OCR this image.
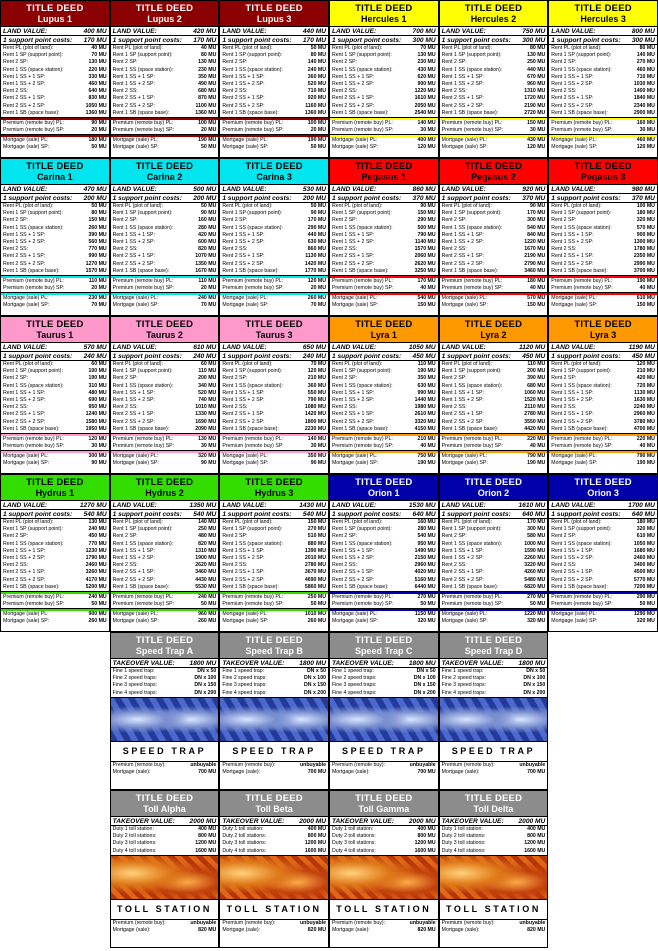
TITLE DEED
Lupus 1
LAND VALUE:	400 MU
1 support point costs: 170 MU
Rent PL (plot of land):	40 MU
Rent 1 SP (support point):	70 MU
Rent 2 SP:	130 MU
Rent 1 SS (space station):	220 MU
Rent 1 SS + 1 SP:	330 MU
Rent 1 SS + 2 SP:	460 MU
Rent 2 SS:	640 MU
Rent 2 SS + 1 SP:	830 MU
Rent 2 SS + 2 SP:	1050 MU
Rent 1 SB (space base):	1360 MU
Premium (remote buy) PL:	90 MU
Premium (remote buy) SP:	20 MU
Mortgage (sale) PL:	180 MU
Mortgage (sale) SP:	50 MU
TITLE DEED
Lupus 2
LAND VALUE:	420 MU
1 support point costs: 170 MU
Rent PL (plot of land):	40 MU
Rent 1 SP (support point):	80 MU
Rent 2 SP:	130 MU
Rent 1 SS (space station):	230 MU
Rent 1 SS + 1 SP:	350 MU
Rent 1 SS + 2 SP:	490 MU
Rent 2 SS:	680 MU
Rent 2 SS + 1 SP:	870 MU
Rent 2 SS + 2 SP:	1100 MU
Rent 1 SB (space base):	1360 MU
Premium (remote buy) PL:	100 MU
Premium (remote buy) SP:	20 MU
Mortgage (sale) PL:	190 MU
Mortgage (sale) SP:	50 MU
TITLE DEED
Lupus 3
LAND VALUE:	440 MU
1 support point costs: 170 MU
Rent PL (plot of land):	50 MU
Rent 1 SP (support point):	80 MU
Rent 2 SP:	140 MU
Rent 1 SS (space station):	240 MU
Rent 1 SS + 1 SP:	360 MU
Rent 1 SS + 2 SP:	520 MU
Rent 2 SS:	710 MU
Rent 2 SS + 1 SP:	920 MU
Rent 2 SS + 2 SP:	1160 MU
Rent 1 SB (space base):	1360 MU
Premium (remote buy) PL:	100 MU
Premium (remote buy) SP:	20 MU
Mortgage (sale) PL:	190 MU
Mortgage (sale) SP:	50 MU
TITLE DEED
Hercules 1
LAND VALUE:	700 MU
1 support point costs: 300 MU
Rent PL (plot of land):	70 MU
Rent 1 SP (support point):	130 MU
Rent 2 SP:	230 MU
Rent 1 SS (space station):	430 MU
Rent 1 SS + 1 SP:	620 MU
Rent 1 SS + 2 SP:	900 MU
Rent 2 SS:	1220 MU
Rent 2 SS + 1 SP:	1610 MU
Rent 2 SS + 2 SP:	2050 MU
Rent 1 SB (space base):	2540 MU
Premium (remote buy) PL:	140 MU
Premium (remote buy) SP:	30 MU
Mortgage (sale) PL:	400 MU
Mortgage (sale) SP:	120 MU
TITLE DEED
Hercules 2
LAND VALUE:	750 MU
1 support point costs: 300 MU
Rent PL (plot of land):	80 MU
Rent 1 SP (support point):	130 MU
Rent 2 SP:	250 MU
Rent 1 SS (space station):	440 MU
Rent 1 SS + 1 SP:	670 MU
Rent 1 SS + 2 SP:	960 MU
Rent 2 SS:	1310 MU
Rent 2 SS + 1 SP:	1720 MU
Rent 2 SS + 2 SP:	2190 MU
Rent 1 SB (space base):	2720 MU
Premium (remote buy) PL:	150 MU
Premium (remote buy) SP:	30 MU
Mortgage (sale) PL:	430 MU
Mortgage (sale) SP:	120 MU
TITLE DEED
Hercules 3
LAND VALUE:	800 MU
1 support point costs: 300 MU
Rent PL (plot of land):	80 MU
Rent 1 SP (support point):	140 MU
Rent 2 SP:	270 MU
Rent 1 SS (space station):	460 MU
Rent 1 SS + 1 SP:	710 MU
Rent 1 SS + 2 SP:	1030 MU
Rent 2 SS:	1400 MU
Rent 2 SS + 1 SP:	1840 MU
Rent 2 SS + 2 SP:	2340 MU
Rent 1 SB (space base):	2900 MU
Premium (remote buy) PL:	160 MU
Premium (remote buy) SP:	30 MU
Mortgage (sale) PL:	460 MU
Mortgage (sale) SP:	120 MU
TITLE DEED
Carina 1
LAND VALUE:	470 MU
1 support point costs: 200 MU
Rent PL (plot of land):	50 MU
Rent 1 SP (support point):	80 MU
Rent 2 SP:	150 MU
Rent 1 SS (space station):	260 MU
Rent 1 SS + 1 SP:	390 MU
Rent 1 SS + 2 SP:	560 MU
Rent 2 SS:	770 MU
Rent 2 SS + 1 SP:	990 MU
Rent 2 SS + 2 SP:	1270 MU
Rent 1 SB (space base):	1570 MU
Premium (remote buy) PL:	110 MU
Premium (remote buy) SP:	20 MU
Mortgage (sale) PL:	230 MU
Mortgage (sale) SP:	70 MU
TITLE DEED
Carina 2
LAND VALUE:	500 MU
1 support point costs: 200 MU
Rent PL (plot of land):	50 MU
Rent 1 SP (support point):	90 MU
Rent 2 SP:	160 MU
Rent 1 SS (space station):	280 MU
Rent 1 SS + 1 SP:	420 MU
Rent 1 SS + 2 SP:	600 MU
Rent 2 SS:	820 MU
Rent 2 SS + 1 SP:	1070 MU
Rent 2 SS + 2 SP:	1350 MU
Rent 1 SB (space base):	1670 MU
Premium (remote buy) PL:	110 MU
Premium (remote buy) SP:	20 MU
Mortgage (sale) PL:	240 MU
Mortgage (sale) SP:	70 MU
TITLE DEED
Carina 3
LAND VALUE:	530 MU
1 support point costs: 200 MU
Rent PL (plot of land):	50 MU
Rent 1 SP (support point):	90 MU
Rent 2 SP:	170 MU
Rent 1 SS (space station):	290 MU
Rent 1 SS + 1 SP:	440 MU
Rent 1 SS + 2 SP:	630 MU
Rent 2 SS:	860 MU
Rent 2 SS + 1 SP:	1130 MU
Rent 2 SS + 2 SP:	1420 MU
Rent 1 SB (space base):	1770 MU
Premium (remote buy) PL:	120 MU
Premium (remote buy) SP:	20 MU
Mortgage (sale) PL:	260 MU
Mortgage (sale) SP:	70 MU
TITLE DEED
Pegasus 1
LAND VALUE:	860 MU
1 support point costs: 370 MU
Rent PL (plot of land):	90 MU
Rent 1 SP (support point):	150 MU
Rent 2 SP:	290 MU
Rent 1 SS (space station):	500 MU
Rent 1 SS + 1 SP:	790 MU
Rent 1 SS + 2 SP:	1140 MU
Rent 2 SS:	1570 MU
Rent 2 SS + 1 SP:	2060 MU
Rent 2 SS + 2 SP:	2620 MU
Rent 1 SB (space base):	3250 MU
Premium (remote buy) PL:	170 MU
Premium (remote buy) SP:	40 MU
Mortgage (sale) PL:	540 MU
Mortgage (sale) SP:	150 MU
TITLE DEED
Pegasus 2
LAND VALUE:	920 MU
1 support point costs: 370 MU
Rent PL (plot of land):	90 MU
Rent 1 SP (support point):	170 MU
Rent 2 SP:	300 MU
Rent 1 SS (space station):	540 MU
Rent 1 SS + 1 SP:	840 MU
Rent 1 SS + 2 SP:	1220 MU
Rent 2 SS:	1670 MU
Rent 2 SS + 1 SP:	2190 MU
Rent 2 SS + 2 SP:	2790 MU
Rent 1 SB (space base):	3460 MU
Premium (remote buy) PL:	180 MU
Premium (remote buy) SP:	40 MU
Mortgage (sale) PL:	570 MU
Mortgage (sale) SP:	150 MU
TITLE DEED
Pegasus 3
LAND VALUE:	980 MU
1 support point costs: 370 MU
Rent PL (plot of land):	100 MU
Rent 1 SP (support point):	180 MU
Rent 2 SP:	320 MU
Rent 1 SS (space station):	570 MU
Rent 1 SS + 1 SP:	900 MU
Rent 1 SS + 2 SP:	1300 MU
Rent 2 SS:	1780 MU
Rent 2 SS + 1 SP:	2350 MU
Rent 2 SS + 2 SP:	2990 MU
Rent 1 SB (space base):	3700 MU
Premium (remote buy) PL:	190 MU
Premium (remote buy) SP:	40 MU
Mortgage (sale) PL:	610 MU
Mortgage (sale) SP:	150 MU
TITLE DEED
Taurus 1
LAND VALUE:	570 MU
1 support point costs: 240 MU
Rent PL (plot of land):	60 MU
Rent 1 SP (support point):	100 MU
Rent 2 SP:	190 MU
Rent 1 SS (space station):	310 MU
Rent 1 SS + 1 SP:	480 MU
Rent 1 SS + 2 SP:	690 MU
Rent 2 SS:	950 MU
Rent 2 SS + 1 SP:	1240 MU
Rent 2 SS + 2 SP:	1580 MU
Rent 1 SB (space base):	1950 MU
Premium (remote buy) PL:	120 MU
Premium (remote buy) SP:	30 MU
Mortgage (sale) PL:	300 MU
Mortgage (sale) SP:	90 MU
TITLE DEED
Taurus 2
LAND VALUE:	610 MU
1 support point costs: 240 MU
Rent PL (plot of land):	60 MU
Rent 1 SP (support point):	110 MU
Rent 2 SP:	200 MU
Rent 1 SS (space station):	340 MU
Rent 1 SS + 1 SP:	520 MU
Rent 1 SS + 2 SP:	740 MU
Rent 2 SS:	1010 MU
Rent 2 SS + 1 SP:	1330 MU
Rent 2 SS + 2 SP:	1690 MU
Rent 1 SB (space base):	2090 MU
Premium (remote buy) PL:	130 MU
Premium (remote buy) SP:	30 MU
Mortgage (sale) PL:	320 MU
Mortgage (sale) SP:	90 MU
TITLE DEED
Taurus 3
LAND VALUE:	650 MU
1 support point costs: 240 MU
Rent PL (plot of land):	70 MU
Rent 1 SP (support point):	120 MU
Rent 2 SP:	210 MU
Rent 1 SS (space station):	360 MU
Rent 1 SS + 1 SP:	550 MU
Rent 1 SS + 2 SP:	790 MU
Rent 2 SS:	1080 MU
Rent 2 SS + 1 SP:	1420 MU
Rent 2 SS + 2 SP:	1800 MU
Rent 1 SB (space base):	2230 MU
Premium (remote buy) PL:	140 MU
Premium (remote buy) SP:	30 MU
Mortgage (sale) PL:	350 MU
Mortgage (sale) SP:	90 MU
TITLE DEED
Lyra 1
LAND VALUE:	1050 MU
1 support point costs: 450 MU
Rent PL (plot of land):	110 MU
Rent 1 SP (support point):	190 MU
Rent 2 SP:	350 MU
Rent 1 SS (space station):	630 MU
Rent 1 SS + 1 SP:	990 MU
Rent 1 SS + 2 SP:	1440 MU
Rent 2 SS:	1980 MU
Rent 2 SS + 1 SP:	2610 MU
Rent 2 SS + 2 SP:	3320 MU
Rent 1 SB (space base):	4150 MU
Premium (remote buy) PL:	210 MU
Premium (remote buy) SP:	40 MU
Mortgage (sale) PL:	750 MU
Mortgage (sale) SP:	190 MU
TITLE DEED
Lyra 2
LAND VALUE:	1120 MU
1 support point costs: 450 MU
Rent PL (plot of land):	110 MU
Rent 1 SP (support point):	200 MU
Rent 2 SP:	390 MU
Rent 1 SS (space station):	680 MU
Rent 1 SS + 1 SP:	1060 MU
Rent 1 SS + 2 SP:	1520 MU
Rent 2 SS:	2110 MU
Rent 2 SS + 1 SP:	2780 MU
Rent 2 SS + 2 SP:	3550 MU
Rent 1 SB (space base):	4420 MU
Premium (remote buy) PL:	220 MU
Premium (remote buy) SP:	40 MU
Mortgage (sale) PL:	790 MU
Mortgage (sale) SP:	190 MU
TITLE DEED
Lyra 3
LAND VALUE:	1190 MU
1 support point costs: 450 MU
Rent PL (plot of land):	120 MU
Rent 1 SP (support point):	210 MU
Rent 2 SP:	420 MU
Rent 1 SS (space station):	720 MU
Rent 1 SS + 1 SP:	1130 MU
Rent 1 SS + 2 SP:	1630 MU
Rent 2 SS:	2240 MU
Rent 2 SS + 1 SP:	2960 MU
Rent 2 SS + 2 SP:	3780 MU
Rent 1 SB (space base):	4700 MU
Premium (remote buy) PL:	220 MU
Premium (remote buy) SP:	40 MU
Mortgage (sale) PL:	790 MU
Mortgage (sale) SP:	190 MU
TITLE DEED
Hydrus 1
LAND VALUE:	1270 MU
1 support point costs: 540 MU
Rent PL (plot of land):	130 MU
Rent 1 SP (support point):	240 MU
Rent 2 SP:	450 MU
Rent 1 SS (space station):	770 MU
Rent 1 SS + 1 SP:	1230 MU
Rent 1 SS + 2 SP:	1790 MU
Rent 2 SS:	2460 MU
Rent 2 SS + 1 SP:	3260 MU
Rent 2 SS + 2 SP:	4170 MU
Rent 1 SB (space base):	5200 MU
Premium (remote buy) PL:	240 MU
Premium (remote buy) SP:	50 MU
Mortgage (sale) PL:	900 MU
Mortgage (sale) SP:	260 MU
TITLE DEED
Hydrus 2
LAND VALUE:	1350 MU
1 support point costs: 540 MU
Rent PL (plot of land):	140 MU
Rent 1 SP (support point):	250 MU
Rent 2 SP:	480 MU
Rent 1 SS (space station):	820 MU
Rent 1 SS + 1 SP:	1310 MU
Rent 1 SS + 2 SP:	1900 MU
Rent 2 SS:	2620 MU
Rent 2 SS + 1 SP:	3460 MU
Rent 2 SS + 2 SP:	4430 MU
Rent 1 SB (space base):	5530 MU
Premium (remote buy) PL:	240 MU
Premium (remote buy) SP:	50 MU
Mortgage (sale) PL:	960 MU
Mortgage (sale) SP:	260 MU
TITLE DEED
Hydrus 3
LAND VALUE:	1430 MU
1 support point costs: 540 MU
Rent PL (plot of land):	150 MU
Rent 1 SP (support point):	270 MU
Rent 2 SP:	510 MU
Rent 1 SS (space station):	880 MU
Rent 1 SS + 1 SP:	1390 MU
Rent 1 SS + 2 SP:	2010 MU
Rent 2 SS:	2780 MU
Rent 2 SS + 1 SP:	3670 MU
Rent 2 SS + 2 SP:	4690 MU
Rent 1 SB (space base):	5860 MU
Premium (remote buy) PL:	250 MU
Premium (remote buy) SP:	50 MU
Mortgage (sale) PL:	1010 MU
Mortgage (sale) SP:	260 MU
TITLE DEED
Orion 1
LAND VALUE:	1530 MU
1 support point costs: 640 MU
Rent PL (plot of land):	160 MU
Rent 1 SP (support point):	280 MU
Rent 2 SP:	540 MU
Rent 1 SS (space station):	950 MU
Rent 1 SS + 1 SP:	1490 MU
Rent 1 SS + 2 SP:	2150 MU
Rent 2 SS:	2960 MU
Rent 2 SS + 1 SP:	4020 MU
Rent 2 SS + 2 SP:	5160 MU
Rent 1 SB (space base):	6440 MU
Premium (remote buy) PL:	270 MU
Premium (remote buy) SP:	50 MU
Mortgage (sale) PL:	1150 MU
Mortgage (sale) SP:	320 MU
TITLE DEED
Orion 2
LAND VALUE:	1610 MU
1 support point costs: 640 MU
Rent PL (plot of land):	170 MU
Rent 1 SP (support point):	300 MU
Rent 2 SP:	580 MU
Rent 1 SS (space station):	1000 MU
Rent 1 SS + 1 SP:	1590 MU
Rent 1 SS + 2 SP:	2260 MU
Rent 2 SS:	3220 MU
Rent 2 SS + 1 SP:	4260 MU
Rent 2 SS + 2 SP:	5480 MU
Rent 1 SB (space base):	6820 MU
Premium (remote buy) PL:	270 MU
Premium (remote buy) SP:	50 MU
Mortgage (sale) PL:	1220 MU
Mortgage (sale) SP:	320 MU
TITLE DEED
Orion 3
LAND VALUE:	1700 MU
1 support point costs: 640 MU
Rent PL (plot of land):	180 MU
Rent 1 SP (support point):	320 MU
Rent 2 SP:	610 MU
Rent 1 SS (space station):	1050 MU
Rent 1 SS + 1 SP:	1680 MU
Rent 1 SS + 2 SP:	2460 MU
Rent 2 SS:	3400 MU
Rent 2 SS + 1 SP:	4500 MU
Rent 2 SS + 2 SP:	5770 MU
Rent 1 SB (space base):	7200 MU
Premium (remote buy) PL:	290 MU
Premium (remote buy) SP:	50 MU
Mortgage (sale) PL:	1290 MU
Mortgage (sale) SP:	320 MU
TITLE DEED
Speed Trap A
TAKEOVER VALUE: 1800 MU
Fine 1 speed trap:	DN x 50
Fine 2 speed traps:	DN x 100
Fine 3 speed traps:	DN x 150
Fine 4 speed traps:	DN x 200
SPEED TRAP
Premium (remote buy):	unbuyable
Mortgage (sale):	700 MU
TITLE DEED
Speed Trap B
TAKEOVER VALUE: 1800 MU
Fine 1 speed trap:	DN x 50
Fine 2 speed traps:	DN x 100
Fine 3 speed traps:	DN x 150
Fine 4 speed traps:	DN x 200
SPEED TRAP
Premium (remote buy):	unbuyable
Mortgage (sale):	700 MU
TITLE DEED
Speed Trap C
TAKEOVER VALUE: 1800 MU
Fine 1 speed trap:	DN x 50
Fine 2 speed traps:	DN x 100
Fine 3 speed traps:	DN x 150
Fine 4 speed traps:	DN x 200
SPEED TRAP
Premium (remote buy):	unbuyable
Mortgage (sale):	700 MU
TITLE DEED
Speed Trap D
TAKEOVER VALUE: 1800 MU
Fine 1 speed trap:	DN x 50
Fine 2 speed traps:	DN x 100
Fine 3 speed traps:	DN x 150
Fine 4 speed traps:	DN x 200
SPEED TRAP
Premium (remote buy):	unbuyable
Mortgage (sale):	700 MU
TITLE DEED
Toll Alpha
TAKEOVER VALUE: 2000 MU
Duty 1 toll station:	400 MU
Duty 2 toll stations:	800 MU
Duty 3 toll stations:	1200 MU
Duty 4 toll stations:	1600 MU
TOLL STATION
Premium (remote buy):	unbuyable
Mortgage (sale):	820 MU
TITLE DEED
Toll Beta
TAKEOVER VALUE: 2000 MU
Duty 1 toll station:	400 MU
Duty 2 toll stations:	800 MU
Duty 3 toll stations:	1200 MU
Duty 4 toll stations:	1600 MU
TOLL STATION
Premium (remote buy):	unbuyable
Mortgage (sale):	820 MU
TITLE DEED
Toll Gamma
TAKEOVER VALUE: 2000 MU
Duty 1 toll station:	400 MU
Duty 2 toll stations:	800 MU
Duty 3 toll stations:	1200 MU
Duty 4 toll stations:	1600 MU
TOLL STATION
Premium (remote buy):	unbuyable
Mortgage (sale):	820 MU
TITLE DEED
Toll Delta
TAKEOVER VALUE: 2000 MU
Duty 1 toll station:	400 MU
Duty 2 toll stations:	800 MU
Duty 3 toll stations:	1200 MU
Duty 4 toll stations:	1600 MU
TOLL STATION
Premium (remote buy):	unbuyable
Mortgage (sale):	820 MU
